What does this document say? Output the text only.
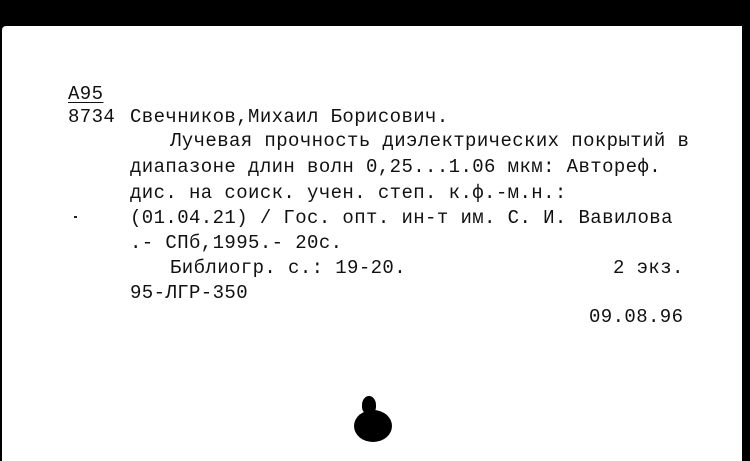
A95
8734 Свечников,Михаил Борисович.
Лучевая прочность диэлектрических покрытий в
диапазоне длин волн 0,25...1.06 мкм: Автореф.
дис. на соиск. учен. степ. к.ф.-м.н.:
(01.04.21) / Гос. опт. ин-т им. С. И. Вавилова
.- СПб,1995.- 20с.
Библиогр. с.: 19-20.	2 экз.
95-ЛГР-350
09.08.96
